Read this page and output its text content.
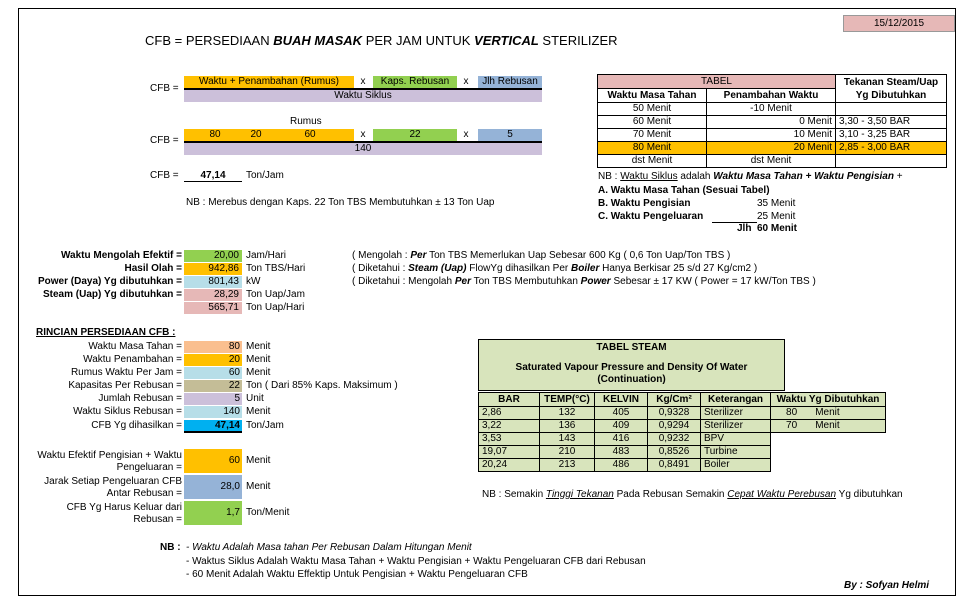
15/12/2015
CFB = PERSEDIAAN BUAH MASAK PER JAM UNTUK VERTICAL STERILIZER
CFB =
Waktu + Penambahan (Rumus)	x	Kaps. Rebusan	x	Jlh Rebusan
Waktu Siklus
Rumus
CFB =
80	20	60	x	22	x	5
140
CFB =	47,14	Ton/Jam
NB : Merebus dengan Kaps. 22 Ton TBS Membutuhkan ± 13 Ton Uap
TABEL		Tekanan Steam/Uap
Yg Dibutuhkan
Waktu Masa Tahan	Penambahan Waktu	
50 Menit	-10 Menit	
60 Menit	0 Menit	3,30 - 3,50 BAR
70 Menit	10 Menit	3,10 - 3,25 BAR
80 Menit	20 Menit	2,85 - 3,00 BAR
dst Menit	dst Menit	
NB : Waktu Siklus adalah Waktu Masa Tahan + Waktu Pengisian +
A. Waktu Masa Tahan (Sesuai Tabel)
B. Waktu Pengisian	35 Menit
C. Waktu Pengeluaran	25 Menit
Jlh 60 Menit
Waktu Mengolah Efektif =	20,00 Jam/Hari
Hasil Olah =	942,86 Ton TBS/Hari
Power (Daya) Yg dibutuhkan =	801,43 kW
Steam (Uap) Yg dibutuhkan =	28,29 Ton Uap/Jam
565,71 Ton Uap/Hari
( Mengolah : Per Ton TBS Memerlukan Uap Sebesar 600 Kg ( 0,6 Ton Uap/Ton TBS )
( Diketahui : Steam (Uap) FlowYg dihasilkan Per Boiler Hanya Berkisar 25 s/d 27 Kg/cm2 )
( Diketahui : Mengolah Per Ton TBS Membutuhkan Power Sebesar ± 17 KW ( Power = 17 kW/Ton TBS )
RINCIAN PERSEDIAAN CFB :
Waktu Masa Tahan =	80 Menit
Waktu Penambahan =	20 Menit
Rumus Waktu Per Jam =	60 Menit
Kapasitas Per Rebusan =	22 Ton ( Dari 85% Kaps. Maksimum )
Jumlah Rebusan =	5 Unit
Waktu Siklus Rebusan =	140 Menit
CFB Yg dihasilkan =	47,14 Ton/Jam
Waktu Efektif Pengisian + Waktu
Pengeluaran =
60 Menit
Jarak Setiap Pengeluaran CFB
Antar Rebusan =
28,0 Menit
CFB Yg Harus Keluar dari
Rebusan =
1,7 Ton/Menit
TABEL STEAM
Saturated Vapour Pressure and Density Of Water
(Continuation)
BAR	TEMP(°C)	KELVIN	Kg/Cm²	Keterangan	Waktu Yg Dibutuhkan	
2,86	132	405	0,9328	Sterilizer	80	Menit
3,22	136	409	0,9294	Sterilizer	70	Menit
3,53	143	416	0,9232	BPV		
19,07	210	483	0,8526	Turbine		
20,24	213	486	0,8491	Boiler		
NB : Semakin Tinggi Tekanan Pada Rebusan Semakin Cepat Waktu Perebusan Yg dibutuhkan
NB : - Waktu Adalah Masa tahan Per Rebusan Dalam Hitungan Menit
- Waktus Siklus Adalah Waktu Masa Tahan + Waktu Pengisian + Waktu Pengeluaran CFB dari Rebusan
- 60 Menit Adalah Waktu Effektip Untuk Pengisian + Waktu Pengeluaran CFB
By : Sofyan Helmi
